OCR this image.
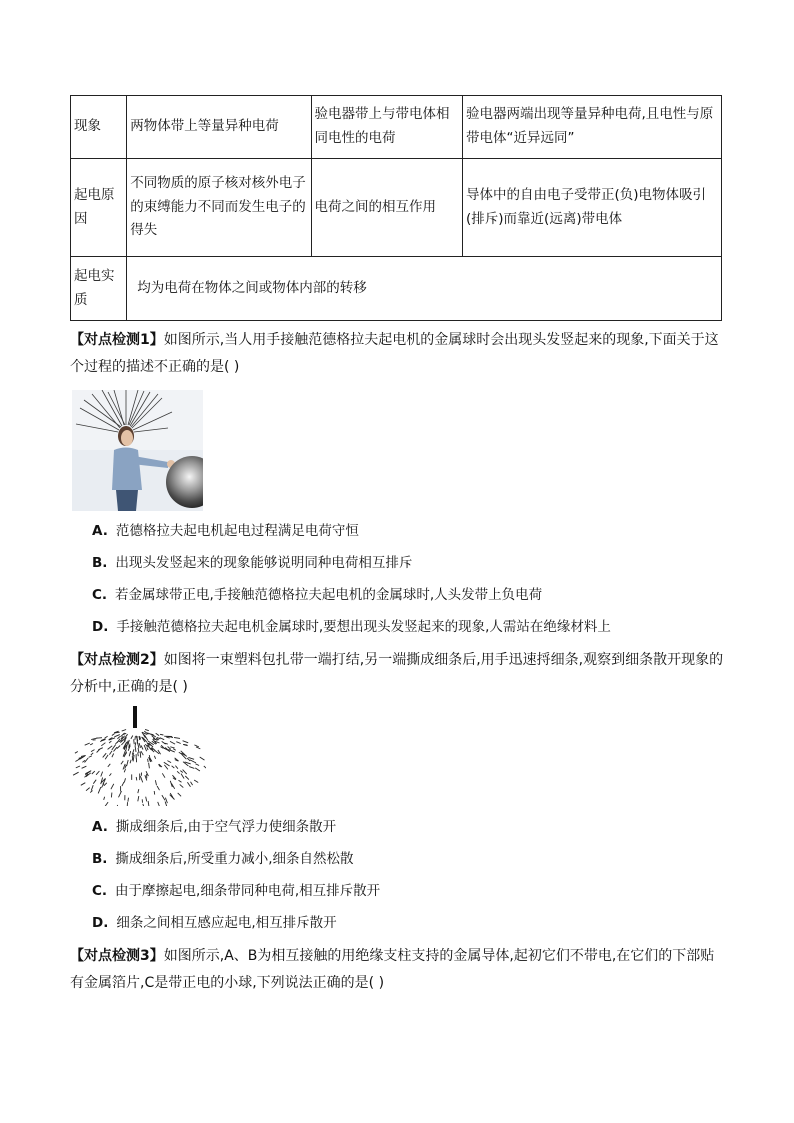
现象	两物体带上等量异种电荷	验电器带上与带电体相同电性的电荷	验电器两端出现等量异种电荷,且电性与原带电体“近异远同”
起电原因	不同物质的原子核对核外电子的束缚能力不同而发生电子的得失	电荷之间的相互作用	导体中的自由电子受带正(负)电物体吸引(排斥)而靠近(远离)带电体
起电实质	均为电荷在物体之间或物体内部的转移		
【对点检测1】如图所示,当人用手接触范德格拉夫起电机的金属球时会出现头发竖起来的现象,下面关于这个过程的描述不正确的是( )
A. 范德格拉夫起电机起电过程满足电荷守恒
B. 出现头发竖起来的现象能够说明同种电荷相互排斥
C. 若金属球带正电,手接触范德格拉夫起电机的金属球时,人头发带上负电荷
D. 手接触范德格拉夫起电机金属球时,要想出现头发竖起来的现象,人需站在绝缘材料上
【对点检测2】如图将一束塑料包扎带一端打结,另一端撕成细条后,用手迅速捋细条,观察到细条散开现象的分析中,正确的是( )
A. 撕成细条后,由于空气浮力使细条散开
B. 撕成细条后,所受重力减小,细条自然松散
C. 由于摩擦起电,细条带同种电荷,相互排斥散开
D. 细条之间相互感应起电,相互排斥散开
【对点检测3】如图所示,A、B为相互接触的用绝缘支柱支持的金属导体,起初它们不带电,在它们的下部贴有金属箔片,C是带正电的小球,下列说法正确的是( )
